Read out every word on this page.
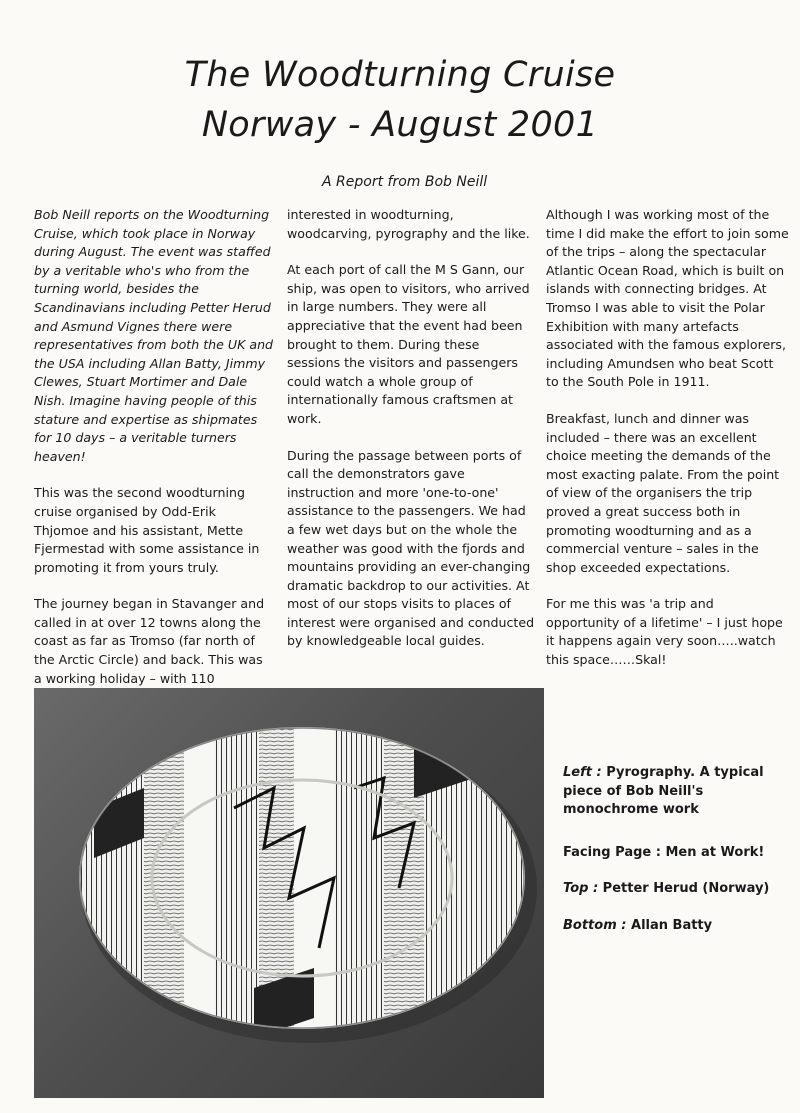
The Woodturning Cruise
Norway - August 2001
A Report from Bob Neill

Bob Neill reports on the Woodturning Cruise, which took place in Norway during August. The event was staffed by a veritable who's who from the turning world, besides the Scandinavians including Petter Herud and Asmund Vignes there were representatives from both the UK and the USA including Allan Batty, Jimmy Clewes, Stuart Mortimer and Dale Nish. Imagine having people of this stature and expertise as shipmates for 10 days – a veritable turners heaven!

This was the second woodturning cruise organised by Odd-Erik Thjomoe and his assistant, Mette Fjermestad with some assistance in promoting it from yours truly.

The journey began in Stavanger and called in at over 12 towns along the coast as far as Tromso (far north of the Arctic Circle) and back. This was a working holiday – with 110

interested in woodturning, woodcarving, pyrography and the like.

At each port of call the M S Gann, our ship, was open to visitors, who arrived in large numbers. They were all appreciative that the event had been brought to them. During these sessions the visitors and passengers could watch a whole group of internationally famous craftsmen at work.

During the passage between ports of call the demonstrators gave instruction and more 'one-to-one' assistance to the passengers. We had a few wet days but on the whole the weather was good with the fjords and mountains providing an ever-changing dramatic backdrop to our activities. At most of our stops visits to places of interest were organised and conducted by knowledgeable local guides.

Although I was working most of the time I did make the effort to join some of the trips – along the spectacular Atlantic Ocean Road, which is built on islands with connecting bridges. At Tromso I was able to visit the Polar Exhibition with many artefacts associated with the famous explorers, including Amundsen who beat Scott to the South Pole in 1911.

Breakfast, lunch and dinner was included – there was an excellent choice meeting the demands of the most exacting palate. From the point of view of the organisers the trip proved a great success both in promoting woodturning and as a commercial venture – sales in the shop exceeded expectations.

For me this was 'a trip and opportunity of a lifetime' – I just hope it happens again very soon…..watch this space……Skal!

Left : Pyrography. A typical piece of Bob Neill's monochrome work

Facing Page : Men at Work!

Top : Petter Herud (Norway)

Bottom : Allan Batty
